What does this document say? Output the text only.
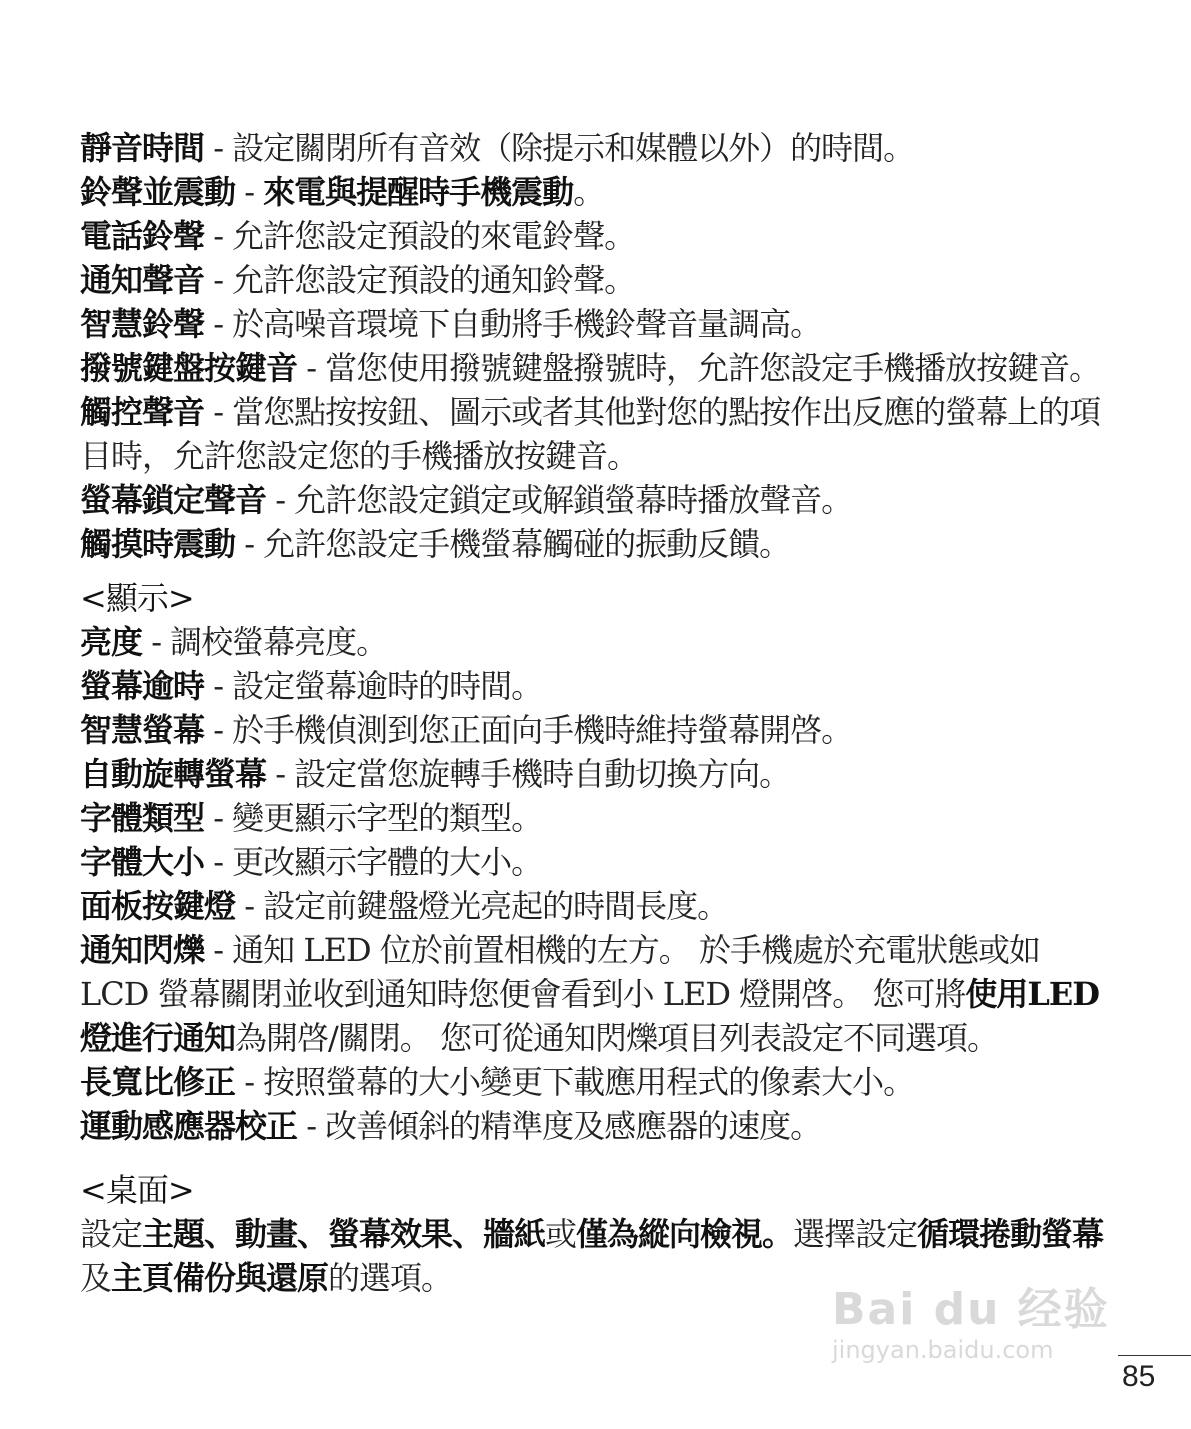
靜音時間 - 設定關閉所有音效（除提示和媒體以外）的時間。

鈴聲並震動 - 來電與提醒時手機震動。

電話鈴聲 - 允許您設定預設的來電鈴聲。

通知聲音 - 允許您設定預設的通知鈴聲。

智慧鈴聲 - 於高噪音環境下自動將手機鈴聲音量調高。

撥號鍵盤按鍵音 - 當您使用撥號鍵盤撥號時，允許您設定手機播放按鍵音。

觸控聲音 - 當您點按按鈕、圖示或者其他對您的點按作出反應的螢幕上的項目時，允許您設定您的手機播放按鍵音。

螢幕鎖定聲音 - 允許您設定鎖定或解鎖螢幕時播放聲音。

觸摸時震動 - 允許您設定手機螢幕觸碰的振動反饋。

<顯示>

亮度 - 調校螢幕亮度。

螢幕逾時 - 設定螢幕逾時的時間。

智慧螢幕 - 於手機偵測到您正面向手機時維持螢幕開啓。

自動旋轉螢幕 - 設定當您旋轉手機時自動切換方向。

字體類型 - 變更顯示字型的類型。

字體大小 - 更改顯示字體的大小。

面板按鍵燈 - 設定前鍵盤燈光亮起的時間長度。

通知閃爍 - 通知 LED 位於前置相機的左方。 於手機處於充電狀態或如 LCD 螢幕關閉並收到通知時您便會看到小 LED 燈開啓。 您可將使用LED燈進行通知為開啓/關閉。 您可從通知閃爍項目列表設定不同選項。

長寬比修正 - 按照螢幕的大小變更下載應用程式的像素大小。

運動感應器校正 - 改善傾斜的精準度及感應器的速度。

<桌面>

設定主題、動畫、螢幕效果、牆紙或僅為縱向檢視。選擇設定循環捲動螢幕及主頁備份與還原的選項。

Bai du 经验
jingyan.baidu.com
85
